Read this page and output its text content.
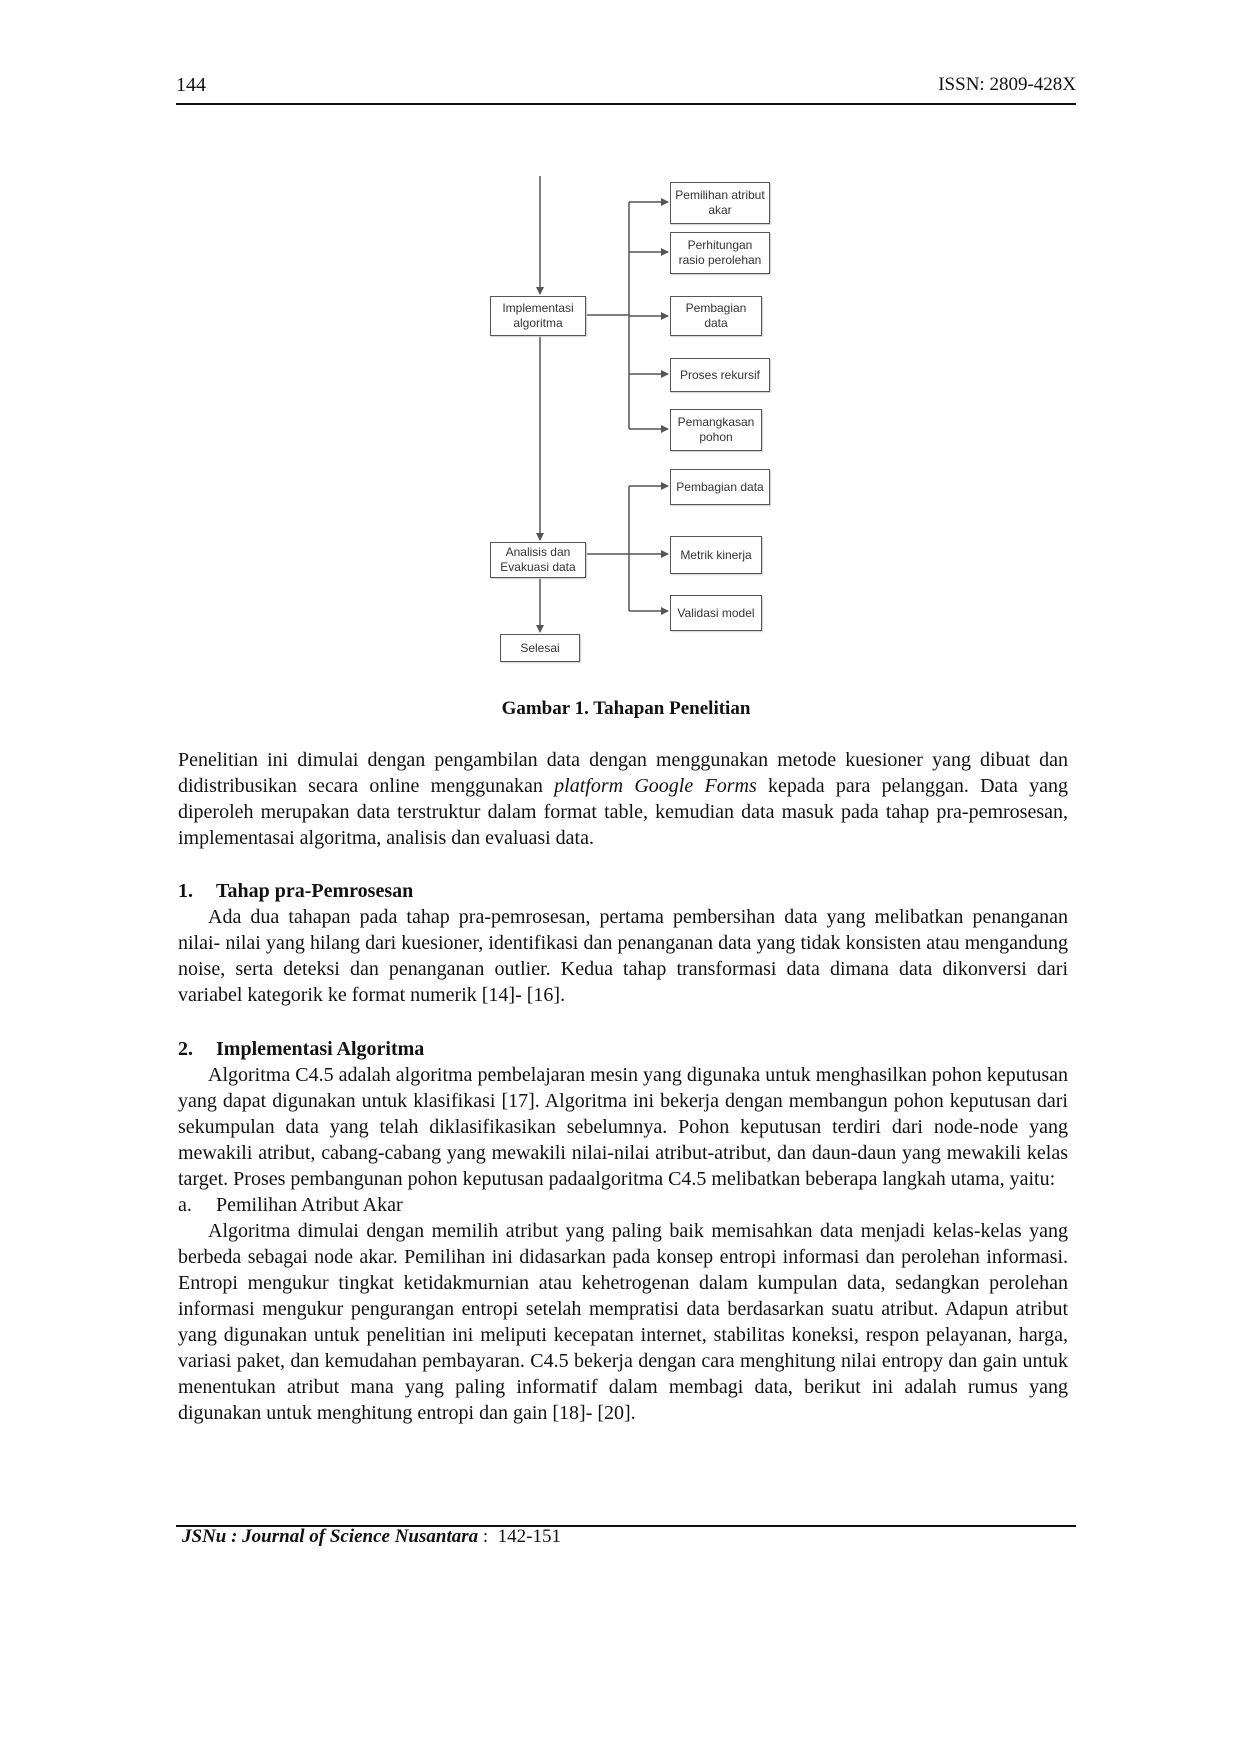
144	ISSN: 2809-428X
Implementasi
algoritma
Analisis dan
Evakuasi data
Selesai
Pemilihan atribut
akar
Perhitungan
rasio perolehan
Pembagian
data
Proses rekursif
Pemangkasan
pohon
Pembagian data
Metrik kinerja
Validasi model
Gambar 1. Tahapan Penelitian

Penelitian ini dimulai dengan pengambilan data dengan menggunakan metode kuesioner yang dibuat dan didistribusikan secara online menggunakan platform Google Forms kepada para pelanggan. Data yang diperoleh merupakan data terstruktur dalam format table, kemudian data masuk pada tahap pra-pemrosesan, implementasai algoritma, analisis dan evaluasi data.

1. Tahap pra-Pemrosesan

Ada dua tahapan pada tahap pra-pemrosesan, pertama pembersihan data yang melibatkan penanganan nilai- nilai yang hilang dari kuesioner, identifikasi dan penanganan data yang tidak konsisten atau mengandung noise, serta deteksi dan penanganan outlier. Kedua tahap transformasi data dimana data dikonversi dari variabel kategorik ke format numerik [14]- [16].

2. Implementasi Algoritma

Algoritma C4.5 adalah algoritma pembelajaran mesin yang digunaka untuk menghasilkan pohon keputusan yang dapat digunakan untuk klasifikasi [17]. Algoritma ini bekerja dengan membangun pohon keputusan dari sekumpulan data yang telah diklasifikasikan sebelumnya. Pohon keputusan terdiri dari node-node yang mewakili atribut, cabang-cabang yang mewakili nilai-nilai atribut-atribut, dan daun-daun yang mewakili kelas target. Proses pembangunan pohon keputusan padaalgoritma C4.5 melibatkan beberapa langkah utama, yaitu:

a. Pemilihan Atribut Akar

Algoritma dimulai dengan memilih atribut yang paling baik memisahkan data menjadi kelas-kelas yang berbeda sebagai node akar. Pemilihan ini didasarkan pada konsep entropi informasi dan perolehan informasi. Entropi mengukur tingkat ketidakmurnian atau kehetrogenan dalam kumpulan data, sedangkan perolehan informasi mengukur pengurangan entropi setelah mempratisi data berdasarkan suatu atribut. Adapun atribut yang digunakan untuk penelitian ini meliputi kecepatan internet, stabilitas koneksi, respon pelayanan, harga, variasi paket, dan kemudahan pembayaran. C4.5 bekerja dengan cara menghitung nilai entropy dan gain untuk menentukan atribut mana yang paling informatif dalam membagi data, berikut ini adalah rumus yang digunakan untuk menghitung entropi dan gain [18]- [20].

JSNu : Journal of Science Nusantara :  142-151
